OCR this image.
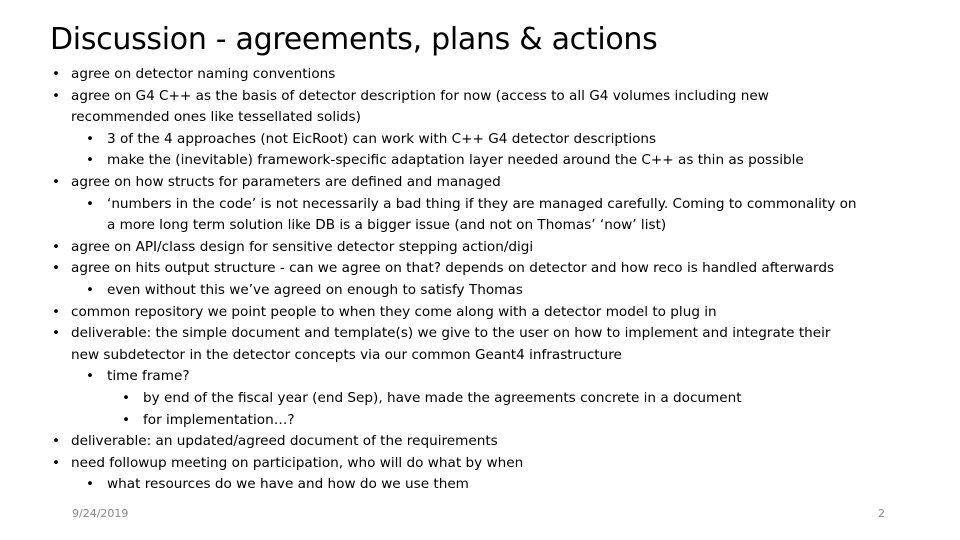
Discussion - agreements, plans & actions
• agree on detector naming conventions
• agree on G4 C++ as the basis of detector description for now (access to all G4 volumes including new
recommended ones like tessellated solids)
• 3 of the 4 approaches (not EicRoot) can work with C++ G4 detector descriptions
• make the (inevitable) framework-specific adaptation layer needed around the C++ as thin as possible
• agree on how structs for parameters are defined and managed
• ‘numbers in the code’ is not necessarily a bad thing if they are managed carefully. Coming to commonality on
a more long term solution like DB is a bigger issue (and not on Thomas’ ‘now’ list)
• agree on API/class design for sensitive detector stepping action/digi
• agree on hits output structure - can we agree on that? depends on detector and how reco is handled afterwards
• even without this we’ve agreed on enough to satisfy Thomas
• common repository we point people to when they come along with a detector model to plug in
• deliverable: the simple document and template(s) we give to the user on how to implement and integrate their
new subdetector in the detector concepts via our common Geant4 infrastructure
• time frame?
• by end of the fiscal year (end Sep), have made the agreements concrete in a document
• for implementation…?
• deliverable: an updated/agreed document of the requirements
• need followup meeting on participation, who will do what by when
• what resources do we have and how do we use them
9/24/2019	2
